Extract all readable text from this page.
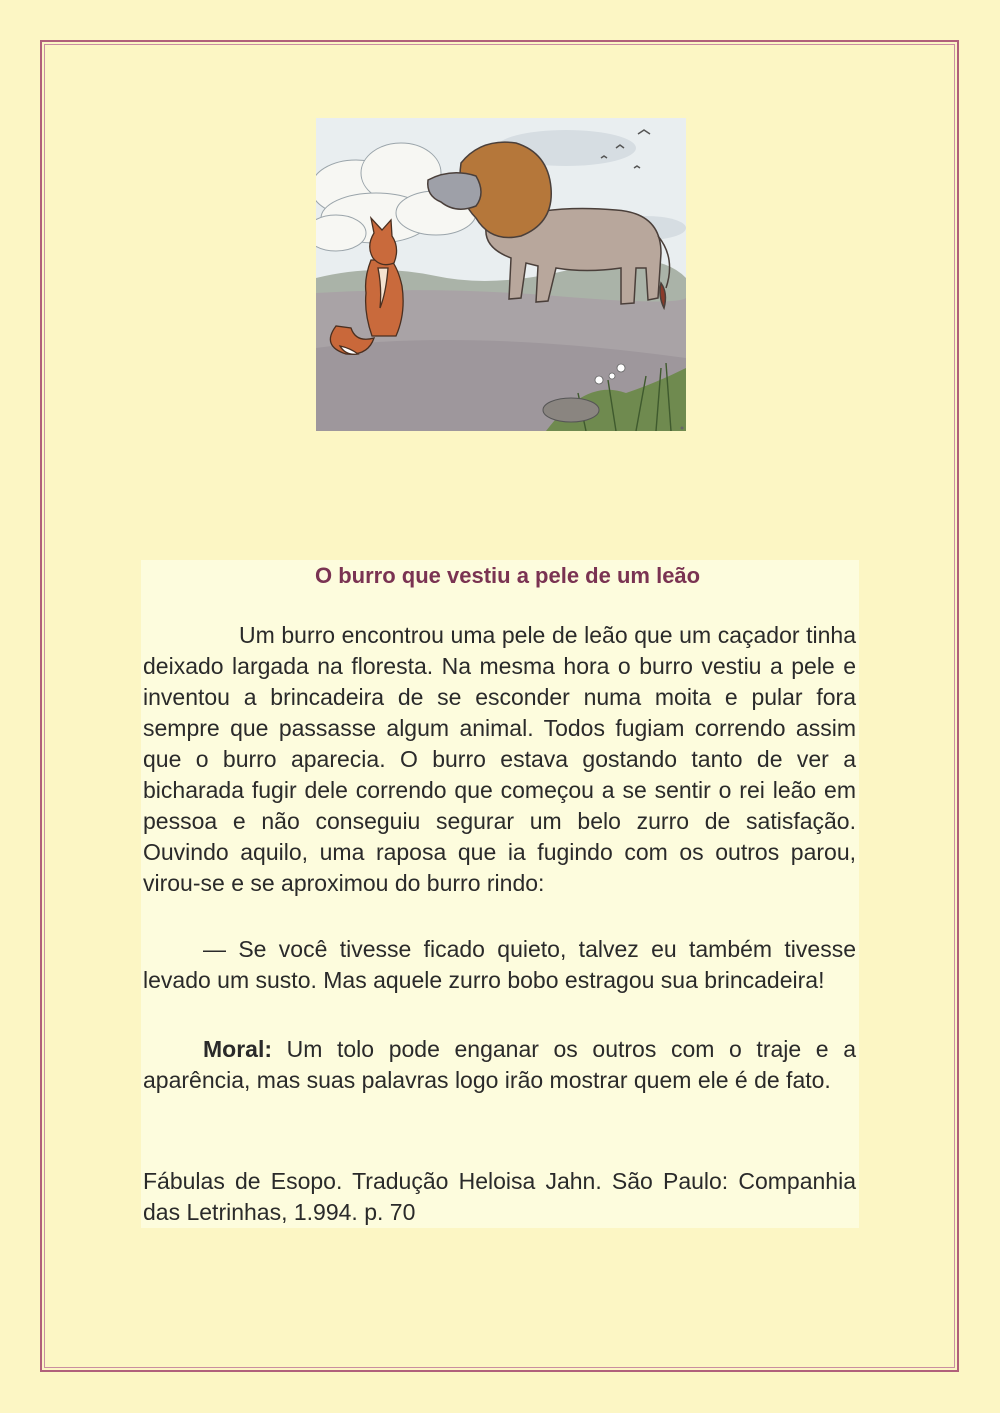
O burro que vestiu a pele de um leão

Um burro encontrou uma pele de leão que um caçador tinha deixado largada na floresta. Na mesma hora o burro vestiu a pele e inventou a brincadeira de se esconder numa moita e pular fora sempre que passasse algum animal. Todos fugiam correndo assim que o burro aparecia. O burro estava gostando tanto de ver a bicharada fugir dele correndo que começou a se sentir o rei leão em pessoa e não conseguiu segurar um belo zurro de satisfação. Ouvindo aquilo, uma raposa que ia fugindo com os outros parou, virou-se e se aproximou do burro rindo:

— Se você tivesse ficado quieto, talvez eu também tivesse levado um susto. Mas aquele zurro bobo estragou sua brincadeira!

Moral: Um tolo pode enganar os outros com o traje e a aparência, mas suas palavras logo irão mostrar quem ele é de fato.

Fábulas de Esopo. Tradução Heloisa Jahn. São Paulo: Companhia das Letrinhas, 1.994. p. 70
